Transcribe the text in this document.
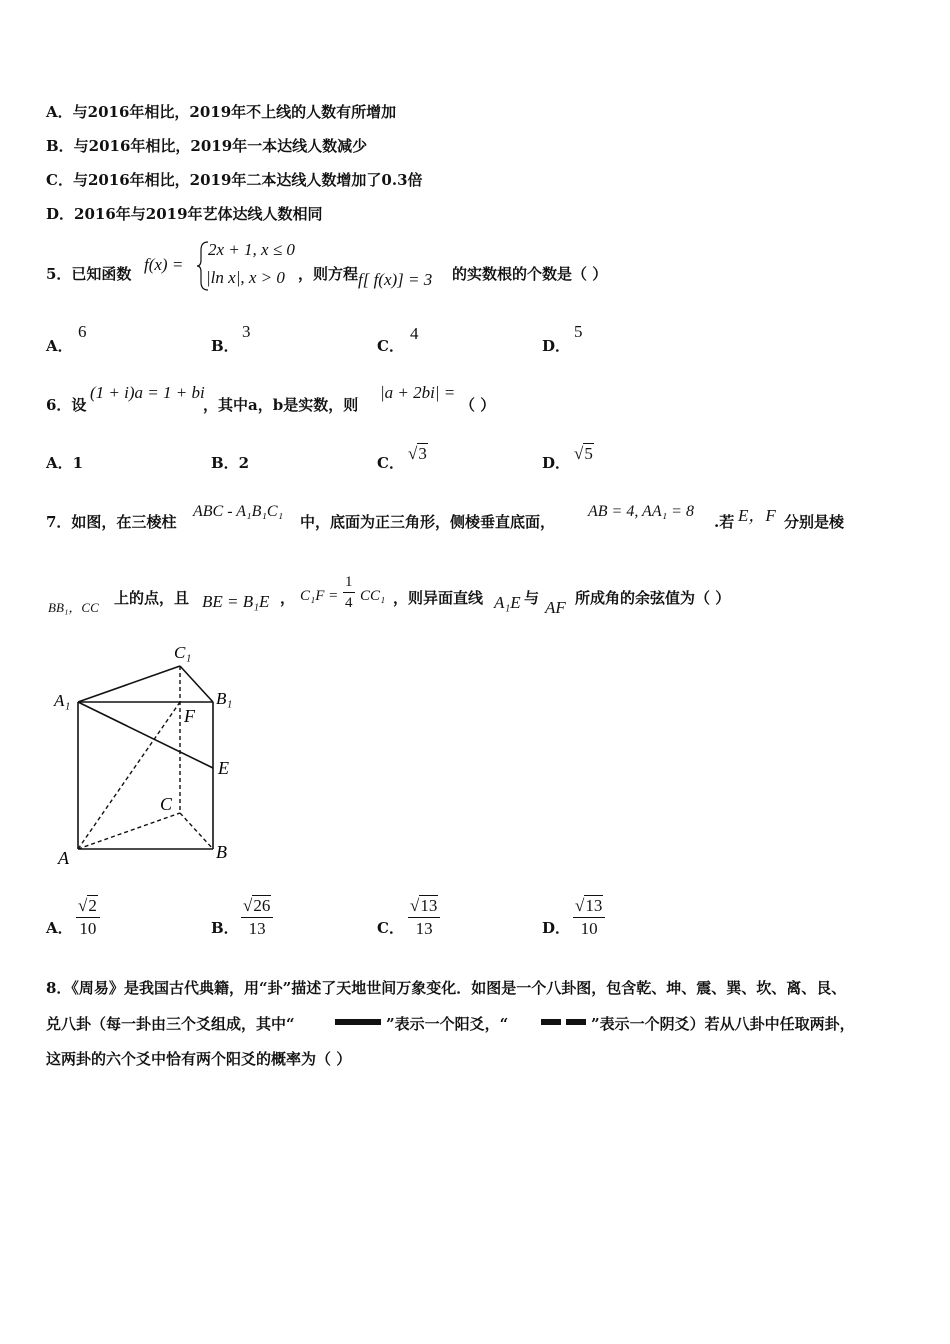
A．与2016年相比，2019年不上线的人数有所增加
B．与2016年相比，2019年一本达线人数减少
C．与2016年相比，2019年二本达线人数增加了0.3倍
D．2016年与2019年艺体达线人数相同
5．已知函数 f(x) =
2x + 1, x ≤ 0
|ln x|, x > 0 ，则方程 f[ f(x)] = 3 的实数根的个数是（ ）
A．
6
B．
3
C．
4
D．
5
6．设
(1 + i)a = 1 + bi
，其中a，b是实数，则
|a + 2bi| =
（ ）
A．1	B．2	C． √3	D． √5
7．如图，在三棱柱
ABC - A₁B₁C₁
中，底面为正三角形，侧棱垂直底面，
AB = 4, AA₁ = 8
.若 E，F 分别是棱
BB₁，CC
上的点，且 BE = B₁E ， $C_1F = \frac{1}{4} CC_1$ ，则异面直线 A₁E 与 AF 所成角的余弦值为（ ）
C₁
A₁	B₁
F
E
C
A	B
A． $\frac{√2}{10}$	B． $\frac{√26}{13}$	C． $\frac{√13}{13}$	D． $\frac{√13}{10}$
8．《周易》是我国古代典籍，用“卦”描述了天地世间万象变化．如图是一个八卦图，包含乾、坤、震、巽、坎、离、艮、
兑八卦（每一卦由三个爻组成，其中“	”表示一个阳爻，“	”表示一个阴爻）若从八卦中任取两卦，
这两卦的六个爻中恰有两个阳爻的概率为（ ）
